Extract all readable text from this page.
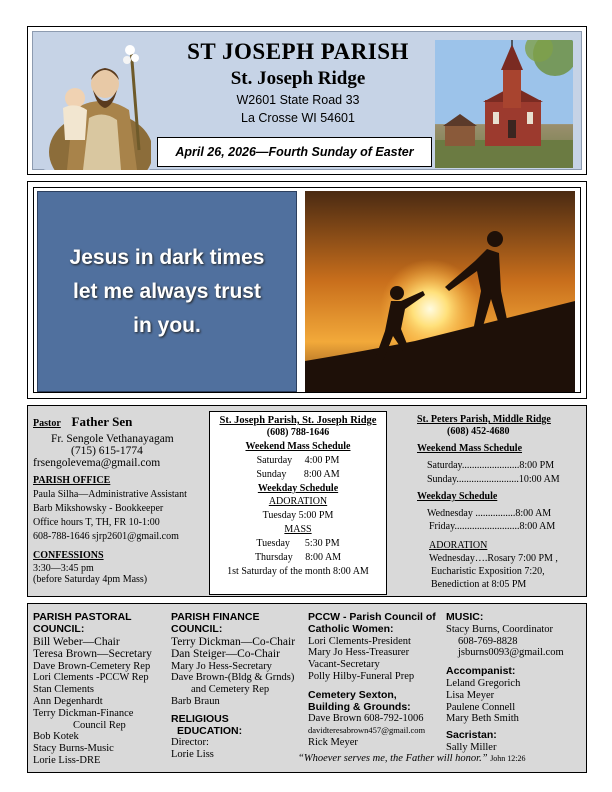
ST JOSEPH PARISH
St. Joseph Ridge
W2601 State Road 33
La Crosse WI 54601
April 26, 2026—Fourth Sunday of Easter
Jesus in dark times
let me always trust
in you.
Pastor Father Sen
Fr. Sengole Vethanayagam
(715) 615-1774
frsengolevema@gmail.com
PARISH OFFICE
Paula Silha—Administrative Assistant
Barb Mikshowsky - Bookkeeper
Office hours T, TH, FR 10-1:00
608-788-1646 sjrp2601@gmail.com
CONFESSIONS
3:30—3:45 pm
(before Saturday 4pm Mass)
St. Joseph Parish, St. Joseph Ridge
(608) 788-1646
Weekend Mass Schedule
Saturday 4:00 PM
Sunday 8:00 AM
Weekday Schedule
ADORATION
Tuesday 5:00 PM
MASS
Tuesday 5:30 PM
Thursday 8:00 AM
1st Saturday of the month 8:00 AM
St. Peters Parish, Middle Ridge
(608) 452-4680
Weekend Mass Schedule
Saturday.......................8:00 PM
Sunday.........................10:00 AM
Weekday Schedule
Wednesday ................8:00 AM
Friday..........................8:00 AM
ADORATION
Wednesday….Rosary 7:00 PM ,
Eucharistic Exposition 7:20,
Benediction at 8:05 PM
PARISH PASTORAL
COUNCIL:
Bill Weber—Chair
Teresa Brown—Secretary
Dave Brown-Cemetery Rep
Lori Clements -PCCW Rep
Stan Clements
Ann Degenhardt
Terry Dickman-Finance
Council Rep
Bob Kotek
Stacy Burns-Music
Lorie Liss-DRE
PARISH FINANCE
COUNCIL:
Terry Dickman—Co-Chair
Dan Steiger—Co-Chair
Mary Jo Hess-Secretary
Dave Brown-(Bldg & Grnds)
and Cemetery Rep
Barb Braun
RELIGIOUS
EDUCATION:
Director:
Lorie Liss
PCCW - Parish Council of
Catholic Women:
Lori Clements-President
Mary Jo Hess-Treasurer
Vacant-Secretary
Polly Hilby-Funeral Prep
Cemetery Sexton,
Building & Grounds:
Dave Brown 608-792-1006
davidteresabrown457@gmail.com
Rick Meyer
MUSIC:
Stacy Burns, Coordinator
608-769-8828
jsburns0093@gmail.com
Accompanist:
Leland Gregorich
Lisa Meyer
Paulene Connell
Mary Beth Smith
Sacristan:
Sally Miller
“Whoever serves me, the Father will honor.” John 12:26
